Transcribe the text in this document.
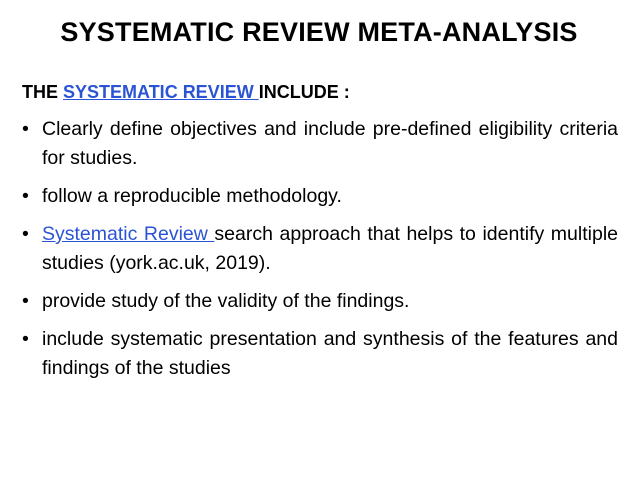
SYSTEMATIC REVIEW META-ANALYSIS
THE SYSTEMATIC REVIEW INCLUDE :
• Clearly define objectives and include pre-defined eligibility criteria for studies.
• follow a reproducible methodology.
• Systematic Review search approach that helps to identify multiple studies (york.ac.uk, 2019).
• provide study of the validity of the findings.
• include systematic presentation and synthesis of the features and findings of the studies
